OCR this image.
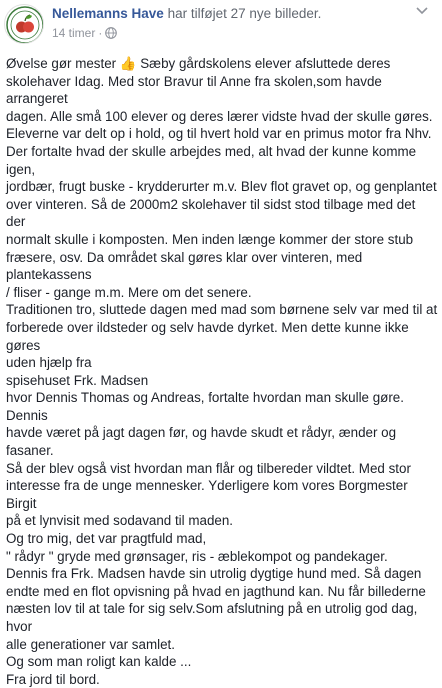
Nellemanns Have har tilføjet 27 nye billeder.
14 timer ·

Øvelse gør mester 👍 Sæby gårdskolens elever afsluttede deres
skolehaver Idag. Med stor Bravur til Anne fra skolen,som havde arrangeret
dagen. Alle små 100 elever og deres lærer vidste hvad der skulle gøres.
Eleverne var delt op i hold, og til hvert hold var en primus motor fra Nhv.
Der fortalte hvad der skulle arbejdes med, alt hvad der kunne komme igen,
jordbær, frugt buske - krydderurter m.v. Blev flot gravet op, og genplantet
over vinteren. Så de 2000m2 skolehaver til sidst stod tilbage med det der
normalt skulle i komposten. Men inden længe kommer der store stub
fræsere, osv. Da området skal gøres klar over vinteren, med plantekassens
/ fliser - gange m.m. Mere om det senere.
Traditionen tro, sluttede dagen med mad som børnene selv var med til at
forberede over ildsteder og selv havde dyrket. Men dette kunne ikke gøres
uden hjælp fra
spisehuset Frk. Madsen
hvor Dennis Thomas og Andreas, fortalte hvordan man skulle gøre. Dennis
havde været på jagt dagen før, og havde skudt et rådyr, ænder og fasaner.
Så der blev også vist hvordan man flår og tilbereder vildtet. Med stor
interesse fra de unge mennesker. Yderligere kom vores Borgmester Birgit
på et lynvisit med sodavand til maden.
Og tro mig, det var pragtfuld mad,
" rådyr " gryde med grønsager, ris - æblekompot og pandekager.
Dennis fra Frk. Madsen havde sin utrolig dygtige hund med. Så dagen
endte med en flot opvisning på hvad en jagthund kan. Nu får billederne
næsten lov til at tale for sig selv.Som afslutning på en utrolig god dag, hvor
alle generationer var samlet.
Og som man roligt kan kalde ...
Fra jord til bord.
